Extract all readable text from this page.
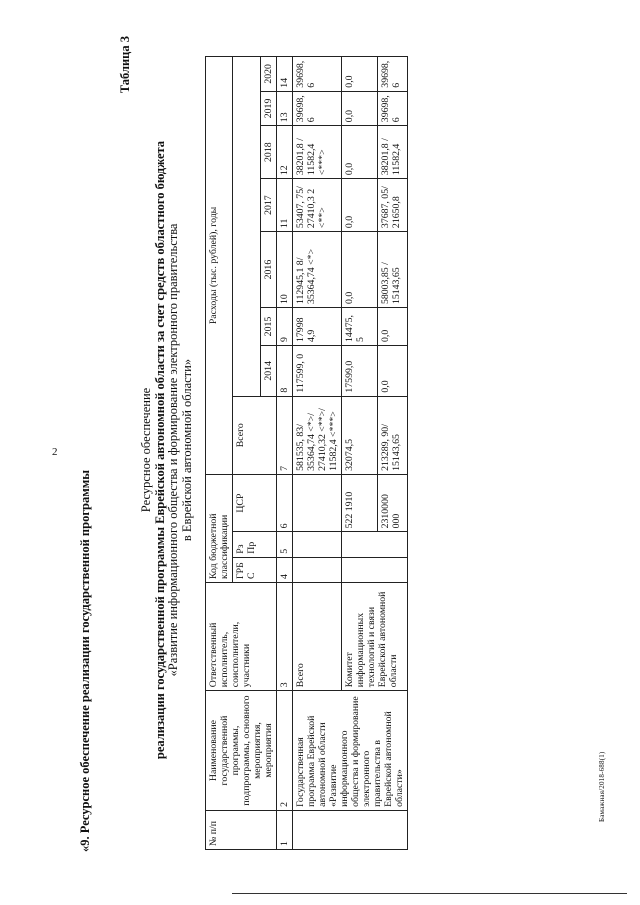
2
Бамажная/2018-688(1)
«9. Ресурсное обеспечение реализации государственной программы
Таблица 3
Ресурсное обеспечение реализации государственной программы Еврейской автономной области за счет средств областного бюджета «Развитие информационного общества и формирование электронного правительства в Еврейской автономной области»
№ п/п	Наименование государственной программы, подпрограммы, основного мероприятия, мероприятия	Ответственный исполнитель, соисполнители, участники	Код бюджетной классификации			Расходы (тыс. рублей), годы							
			ГРБ С	Рз Пр	ЦСР	Всего							
							2014	2015	2016	2017	2018	2019	2020
1	2	3	4	5	6	7	8	9	10	11	12	13	14
	Государственная программа Еврейской автономной области «Развитие информационного общества и формирование электронного правительства в Еврейской автономной области»	Всего				581535, 83/ 35364,74 <*>/ 27410,32 <**>/ 11582,4 <***>	117599, 0	17998 4,9	112945,1 8/ 35364,74 <*>	53407, 75/ 27410,3 2 <**>	38201,8 / 11582,4 <***>	39698, 6	39698, 6
		Комитет информационных технологий и связи Еврейской автономной области			522 1910	32074,5	17599,0	14475, 5	0,0	0,0	0,0	0,0	0,0
					2310000 000	213289, 90/ 15143,65	0,0	0,0	58003,85 / 15143,65	37687, 05/ 21650,8	38201,8 / 11582,4	39698, 6	39698, 6
